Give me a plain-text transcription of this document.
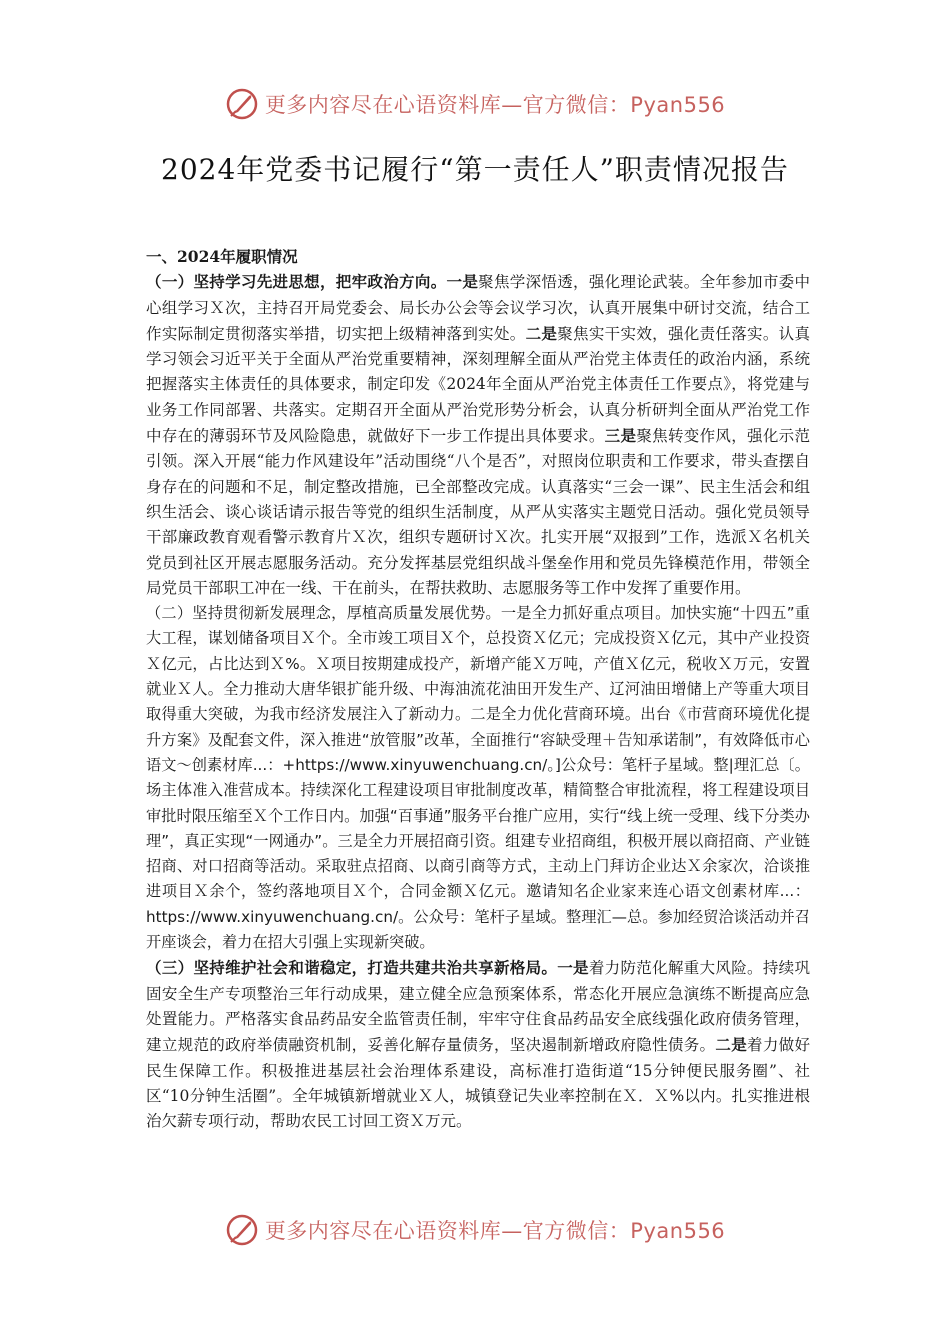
更多内容尽在心语资料库—官方微信：Pyan556
2024年党委书记履行“第一责任人”职责情况报告

一、2024年履职情况

（一）坚持学习先进思想，把牢政治方向。一是聚焦学深悟透，强化理论武装。全年参加市委中心组学习Ｘ次，主持召开局党委会、局长办公会等会议学习次，认真开展集中研讨交流，结合工作实际制定贯彻落实举措，切实把上级精神落到实处。二是聚焦实干实效，强化责任落实。认真学习领会习近平关于全面从严治党重要精神，深刻理解全面从严治党主体责任的政治内涵，系统把握落实主体责任的具体要求，制定印发《2024年全面从严治党主体责任工作要点》，将党建与业务工作同部署、共落实。定期召开全面从严治党形势分析会，认真分析研判全面从严治党工作中存在的薄弱环节及风险隐患，就做好下一步工作提出具体要求。三是聚焦转变作风，强化示范引领。深入开展“能力作风建设年”活动围绕“八个是否”，对照岗位职责和工作要求，带头查摆自身存在的问题和不足，制定整改措施，已全部整改完成。认真落实“三会一课”、民主生活会和组织生活会、谈心谈话请示报告等党的组织生活制度，从严从实落实主题党日活动。强化党员领导干部廉政教育观看警示教育片Ｘ次，组织专题研讨Ｘ次。扎实开展“双报到”工作，选派Ｘ名机关党员到社区开展志愿服务活动。充分发挥基层党组织战斗堡垒作用和党员先锋模范作用，带领全局党员干部职工冲在一线、干在前头，在帮扶救助、志愿服务等工作中发挥了重要作用。

（二）坚持贯彻新发展理念，厚植高质量发展优势。一是全力抓好重点项目。加快实施“十四五”重大工程，谋划储备项目Ｘ个。全市竣工项目Ｘ个，总投资Ｘ亿元；完成投资Ｘ亿元，其中产业投资Ｘ亿元，占比达到Ｘ%。Ｘ项目按期建成投产，新增产能Ｘ万吨，产值Ｘ亿元，税收Ｘ万元，安置就业Ｘ人。全力推动大唐华银扩能升级、中海油流花油田开发生产、辽河油田增储上产等重大项目取得重大突破，为我市经济发展注入了新动力。二是全力优化营商环境。出台《市营商环境优化提升方案》及配套文件，深入推进“放管服”改革，全面推行“容缺受理＋告知承诺制”，有效降低市心语文～创素材库...：+https://www.xinyuwenchuang.cn/。]公众号：笔杆子星域。整|理汇总〔。场主体准入准营成本。持续深化工程建设项目审批制度改革，精简整合审批流程，将工程建设项目审批时限压缩至Ｘ个工作日内。加强“百事通”服务平台推广应用，实行“线上统一受理、线下分类办理”，真正实现“一网通办”。三是全力开展招商引资。组建专业招商组，积极开展以商招商、产业链招商、对口招商等活动。采取驻点招商、以商引商等方式，主动上门拜访企业达Ｘ余家次，洽谈推进项目Ｘ余个，签约落地项目Ｘ个，合同金额Ｘ亿元。邀请知名企业家来连心语文创素材库...：https://www.xinyuwenchuang.cn/。公众号：笔杆子星域。整理汇—总。参加经贸洽谈活动并召开座谈会，着力在招大引强上实现新突破。

（三）坚持维护社会和谐稳定，打造共建共治共享新格局。一是着力防范化解重大风险。持续巩固安全生产专项整治三年行动成果，建立健全应急预案体系，常态化开展应急演练不断提高应急处置能力。严格落实食品药品安全监管责任制，牢牢守住食品药品安全底线强化政府债务管理，建立规范的政府举债融资机制，妥善化解存量债务，坚决遏制新增政府隐性债务。二是着力做好民生保障工作。积极推进基层社会治理体系建设，高标准打造街道“15分钟便民服务圈”、社区“10分钟生活圈”。全年城镇新增就业Ｘ人，城镇登记失业率控制在Ｘ．Ｘ%以内。扎实推进根治欠薪专项行动，帮助农民工讨回工资Ｘ万元。

更多内容尽在心语资料库—官方微信：Pyan556
